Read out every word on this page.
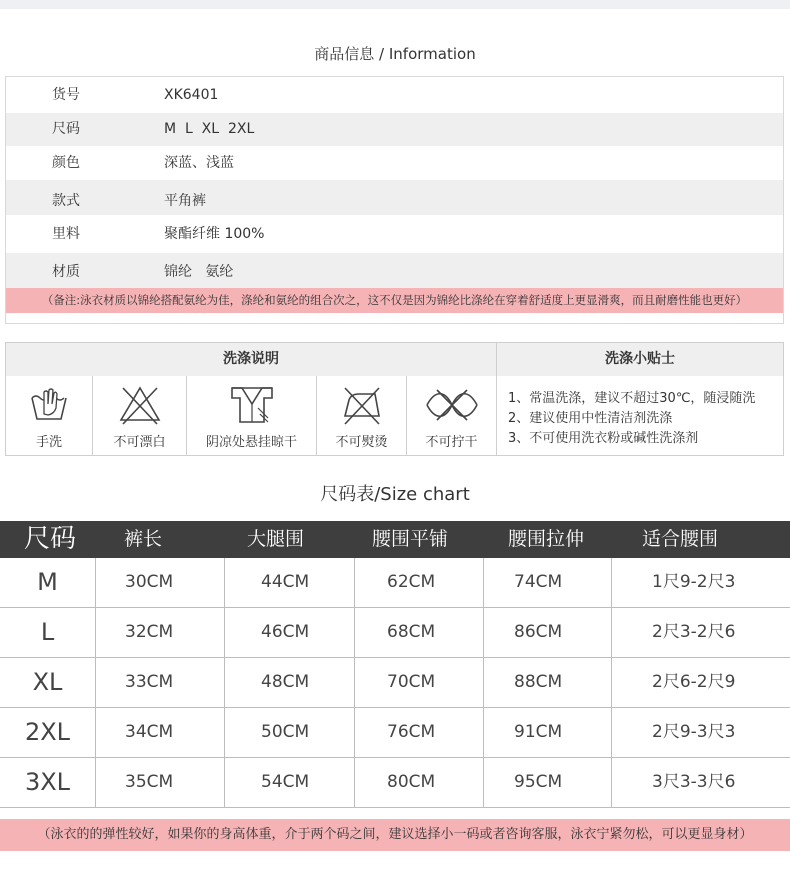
商品信息 / Information
货号	XK6401
尺码	M  L  XL  2XL
颜色	深蓝、浅蓝
款式	平角裤
里料	聚酯纤维 100%
材质	锦纶   氨纶
（备注:泳衣材质以锦纶搭配氨纶为佳，涤纶和氨纶的组合次之，这不仅是因为锦纶比涤纶在穿着舒适度上更显滑爽，而且耐磨性能也更好）
洗涤说明	洗涤小贴士
手洗	不可漂白	阴凉处悬挂晾干	不可熨烫	不可拧干
1、常温洗涤，建议不超过30℃，随浸随洗
2、建议使用中性清洁剂洗涤
3、不可使用洗衣粉或碱性洗涤剂
尺码表/Size chart
尺码	裤长	大腿围	腰围平铺	腰围拉伸	适合腰围
M	30CM	44CM	62CM	74CM	1尺9-2尺3
L	32CM	46CM	68CM	86CM	2尺3-2尺6
XL	33CM	48CM	70CM	88CM	2尺6-2尺9
2XL	34CM	50CM	76CM	91CM	2尺9-3尺3
3XL	35CM	54CM	80CM	95CM	3尺3-3尺6
（泳衣的的弹性较好，如果你的身高体重，介于两个码之间，建议选择小一码或者咨询客服，泳衣宁紧勿松，可以更显身材）
